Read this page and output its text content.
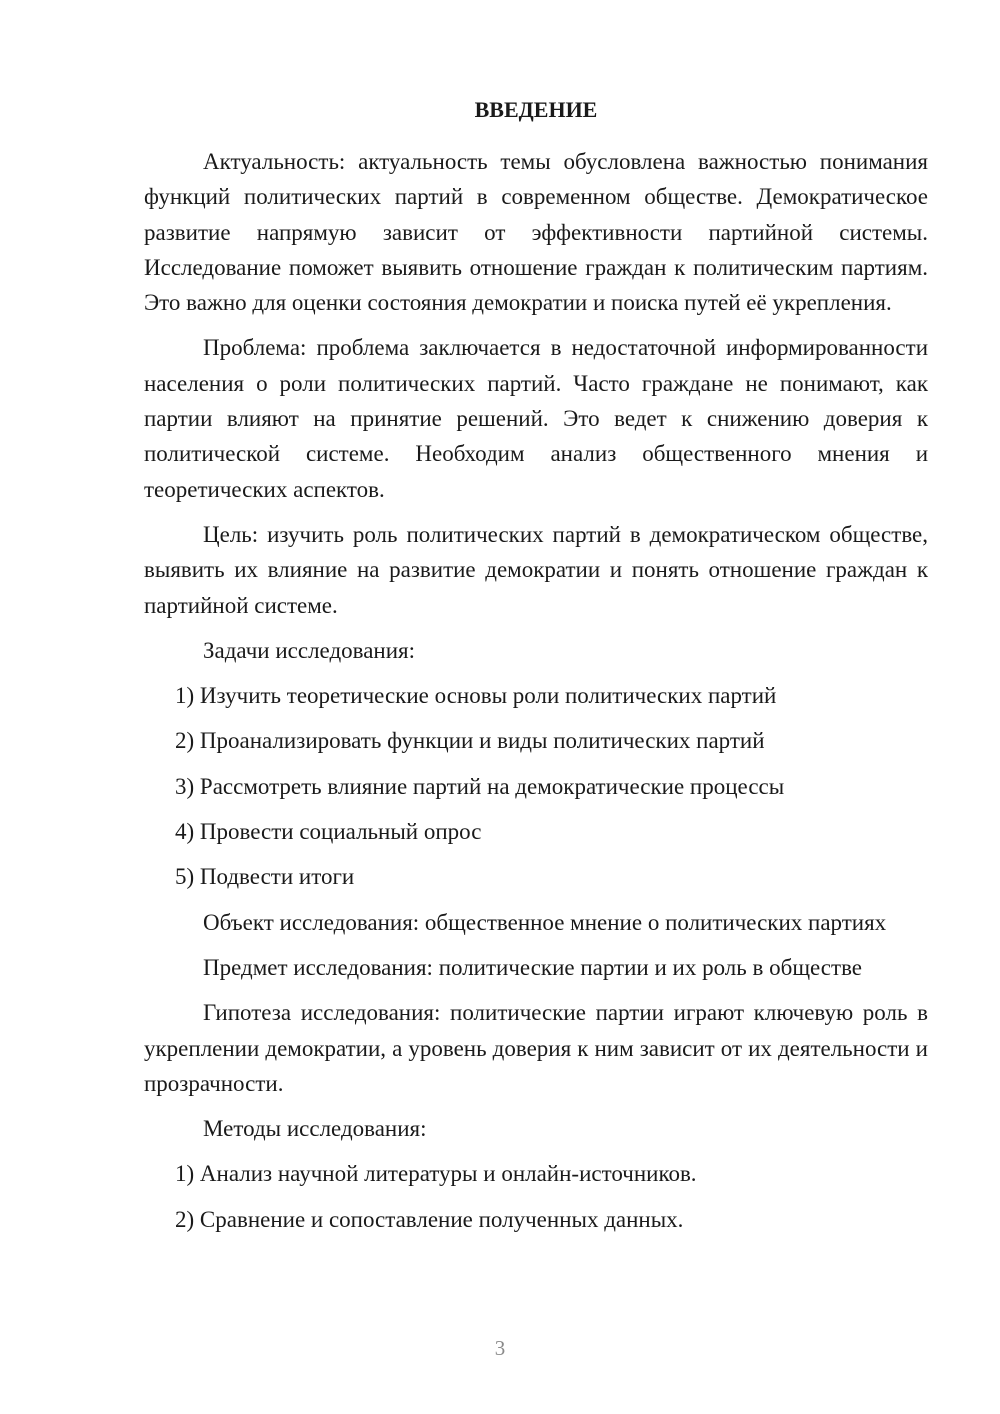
ВВЕДЕНИЕ

Актуальность: актуальность темы обусловлена важностью понимания функций политических партий в современном обществе. Демократическое развитие напрямую зависит от эффективности партийной системы. Исследование поможет выявить отношение граждан к политическим партиям. Это важно для оценки состояния демократии и поиска путей её укрепления.

Проблема: проблема заключается в недостаточной информированности населения о роли политических партий. Часто граждане не понимают, как партии влияют на принятие решений. Это ведет к снижению доверия к политической системе. Необходим анализ общественного мнения и теоретических аспектов.

Цель: изучить роль политических партий в демократическом обществе, выявить их влияние на развитие демократии и понять отношение граждан к партийной системе.

Задачи исследования:

1) Изучить теоретические основы роли политических партий

2) Проанализировать функции и виды политических партий

3) Рассмотреть влияние партий на демократические процессы

4) Провести социальный опрос

5) Подвести итоги

Объект исследования: общественное мнение о политических партиях

Предмет исследования: политические партии и их роль в обществе

Гипотеза исследования: политические партии играют ключевую роль в укреплении демократии, а уровень доверия к ним зависит от их деятельности и прозрачности.

Методы исследования:

1) Анализ научной литературы и онлайн-источников.

2) Сравнение и сопоставление полученных данных.

3
